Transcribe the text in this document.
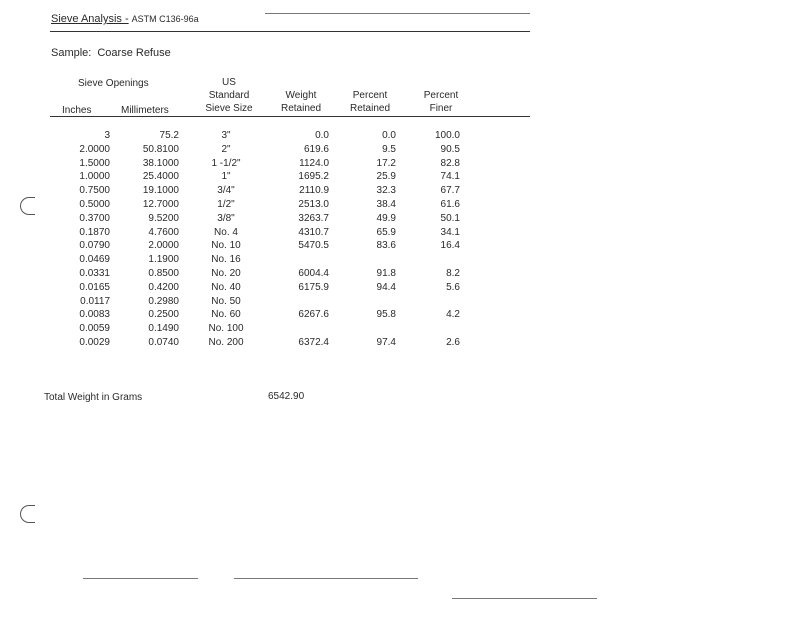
Sieve Analysis - ASTM C136-96a
Sample: Coarse Refuse
Sieve Openings
Inches	Millimeters
US
Standard
Sieve Size
Weight
Retained
Percent
Retained
Percent
Finer
3	75.2	3"	0.0	0.0	100.0
2.0000	50.8100	2"	619.6	9.5	90.5
1.5000	38.1000	1 -1/2"	1124.0	17.2	82.8
1.0000	25.4000	1"	1695.2	25.9	74.1
0.7500	19.1000	3/4"	2110.9	32.3	67.7
0.5000	12.7000	1/2"	2513.0	38.4	61.6
0.3700	9.5200	3/8"	3263.7	49.9	50.1
0.1870	4.7600	No. 4	4310.7	65.9	34.1
0.0790	2.0000	No. 10	5470.5	83.6	16.4
0.0469	1.1900	No. 16			
0.0331	0.8500	No. 20	6004.4	91.8	8.2
0.0165	0.4200	No. 40	6175.9	94.4	5.6
0.0117	0.2980	No. 50			
0.0083	0.2500	No. 60	6267.6	95.8	4.2
0.0059	0.1490	No. 100			
0.0029	0.0740	No. 200	6372.4	97.4	2.6
Total Weight in Grams	6542.90
